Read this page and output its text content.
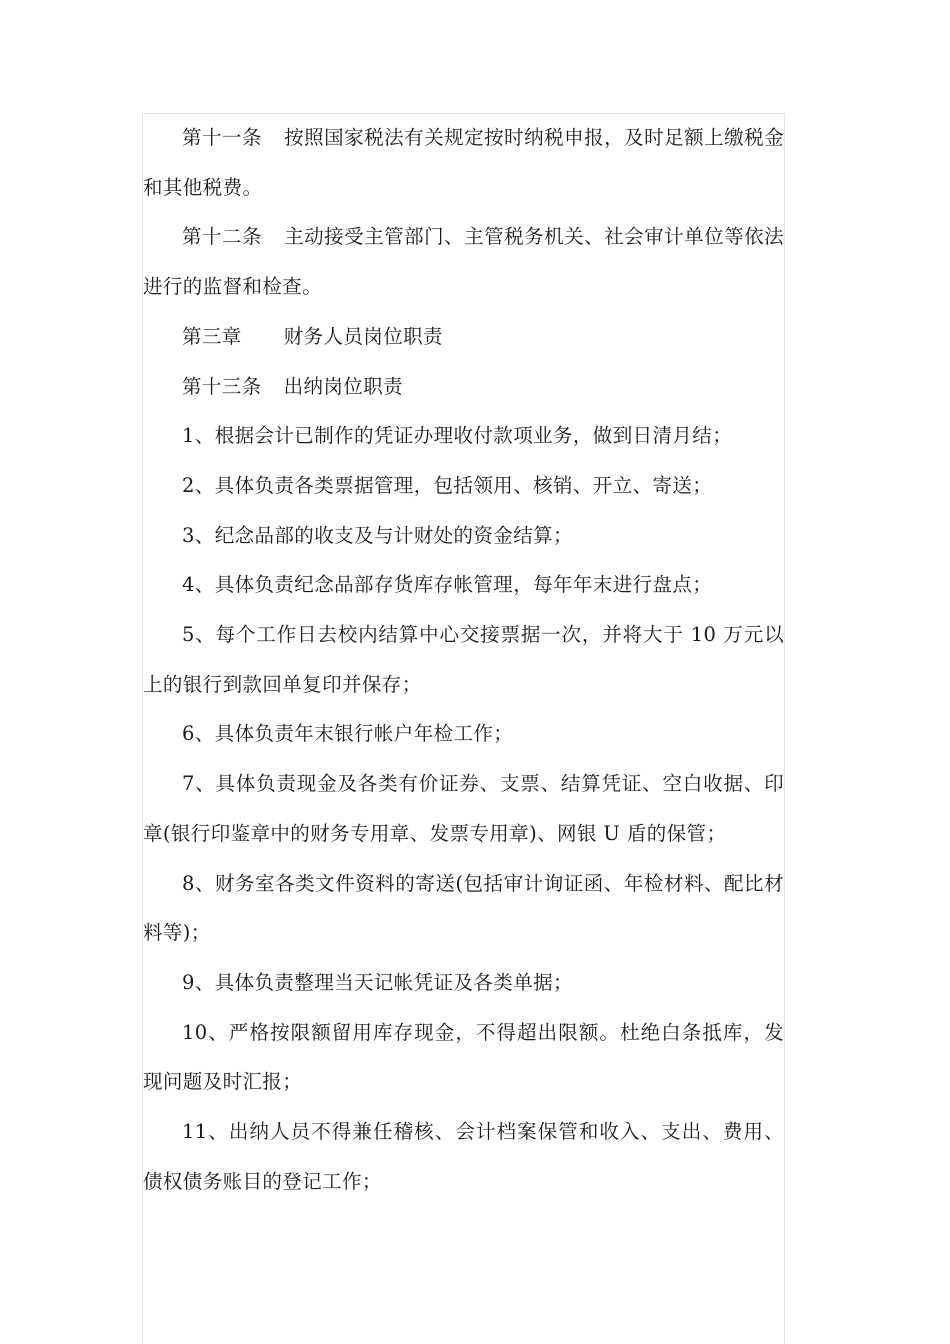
第十一条 按照国家税法有关规定按时纳税申报，及时足额上缴税金和其他税费。

第十二条 主动接受主管部门、主管税务机关、社会审计单位等依法进行的监督和检查。

第三章 财务人员岗位职责

第十三条 出纳岗位职责

1、根据会计已制作的凭证办理收付款项业务，做到日清月结；

2、具体负责各类票据管理，包括领用、核销、开立、寄送；

3、纪念品部的收支及与计财处的资金结算；

4、具体负责纪念品部存货库存帐管理，每年年末进行盘点；

5、每个工作日去校内结算中心交接票据一次，并将大于 10 万元以上的银行到款回单复印并保存；

6、具体负责年末银行帐户年检工作；

7、具体负责现金及各类有价证券、支票、结算凭证、空白收据、印章(银行印鉴章中的财务专用章、发票专用章)、网银 U 盾的保管；

8、财务室各类文件资料的寄送(包括审计询证函、年检材料、配比材料等)；

9、具体负责整理当天记帐凭证及各类单据；

10、严格按限额留用库存现金，不得超出限额。杜绝白条抵库，发现问题及时汇报；

11、出纳人员不得兼任稽核、会计档案保管和收入、支出、费用、债权债务账目的登记工作；
